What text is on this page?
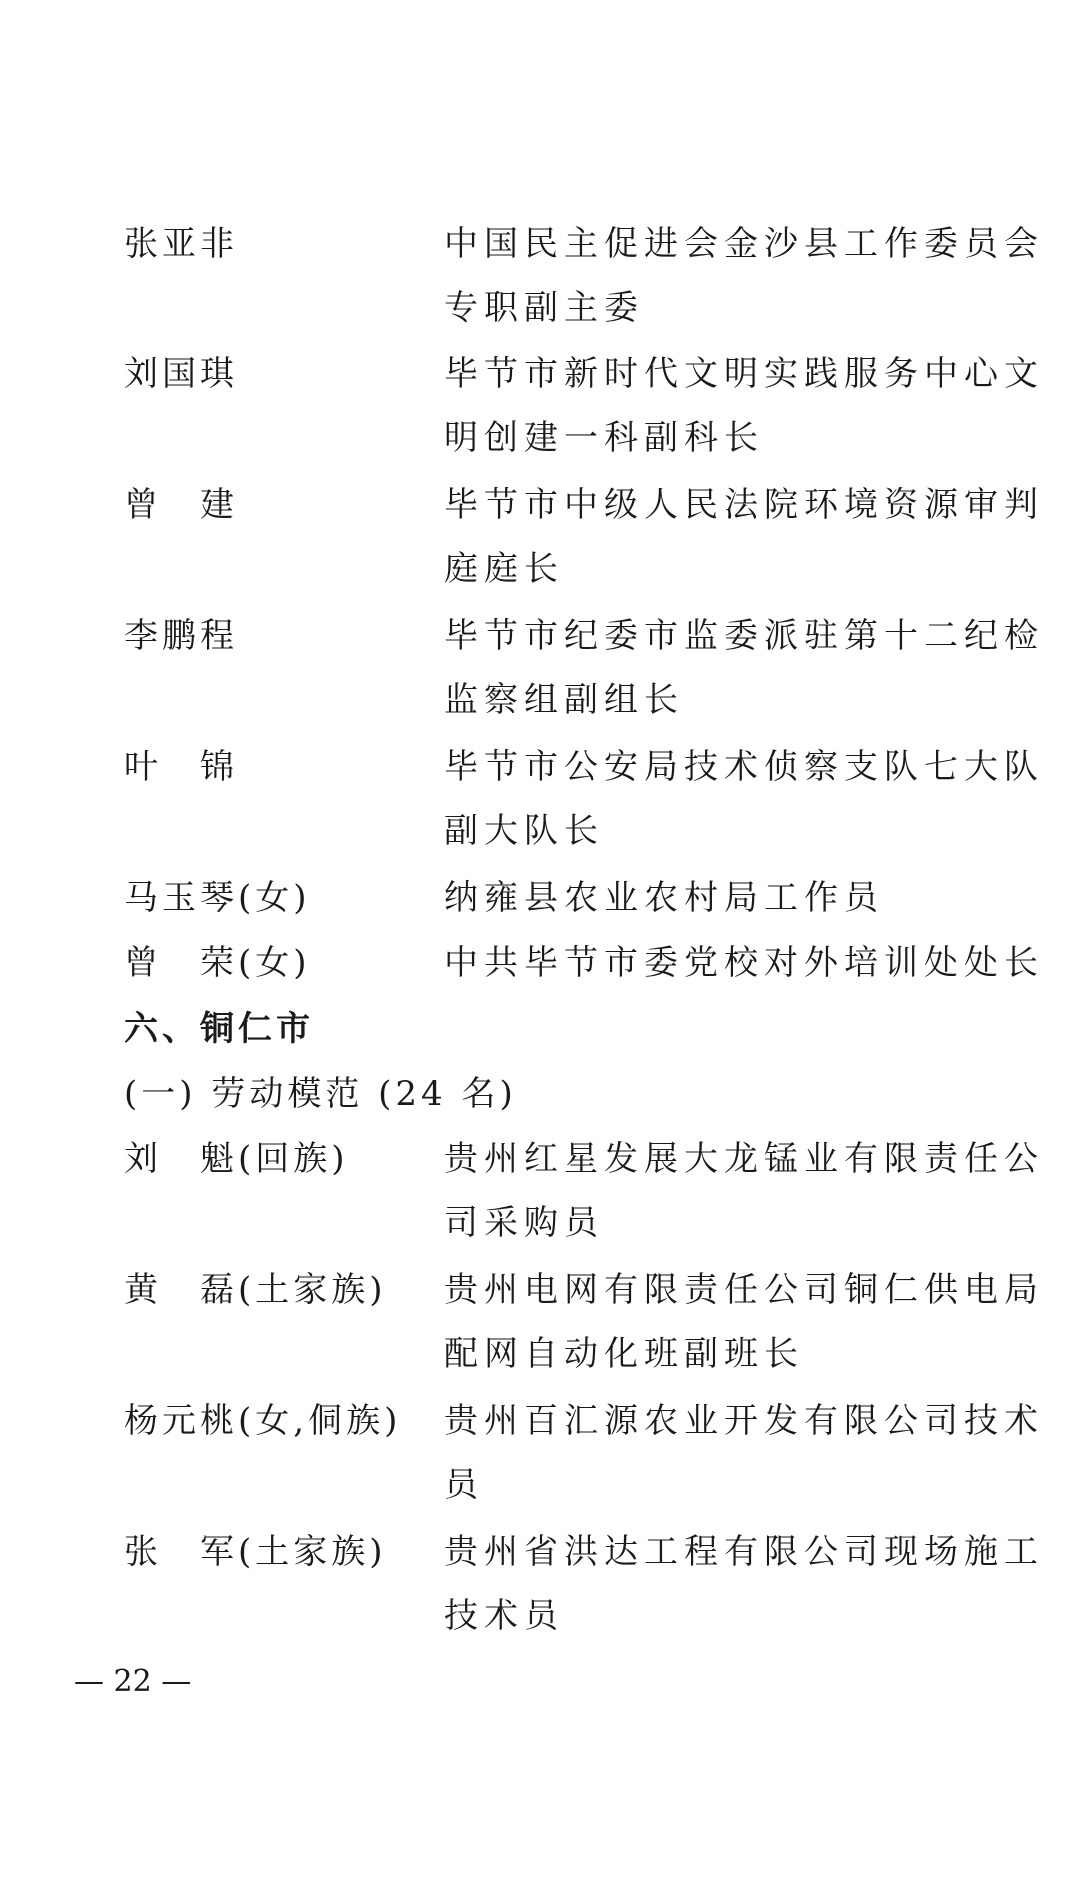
张亚非	中国民主促进会金沙县工作委员会专职副主委
刘国琪	毕节市新时代文明实践服务中心文明创建一科副科长
曾　建	毕节市中级人民法院环境资源审判庭庭长
李鹏程	毕节市纪委市监委派驻第十二纪检监察组副组长
叶　锦	毕节市公安局技术侦察支队七大队副大队长
马玉琴(女)	纳雍县农业农村局工作员
曾　荣(女)	中共毕节市委党校对外培训处处长
六、铜仁市
(一) 劳动模范 (24 名)
刘　魁(回族)	贵州红星发展大龙锰业有限责任公司采购员
黄　磊(土家族) 贵州电网有限责任公司铜仁供电局配网自动化班副班长
杨元桃(女,侗族) 贵州百汇源农业开发有限公司技术员
张　军(土家族) 贵州省洪达工程有限公司现场施工技术员
— 22 —
